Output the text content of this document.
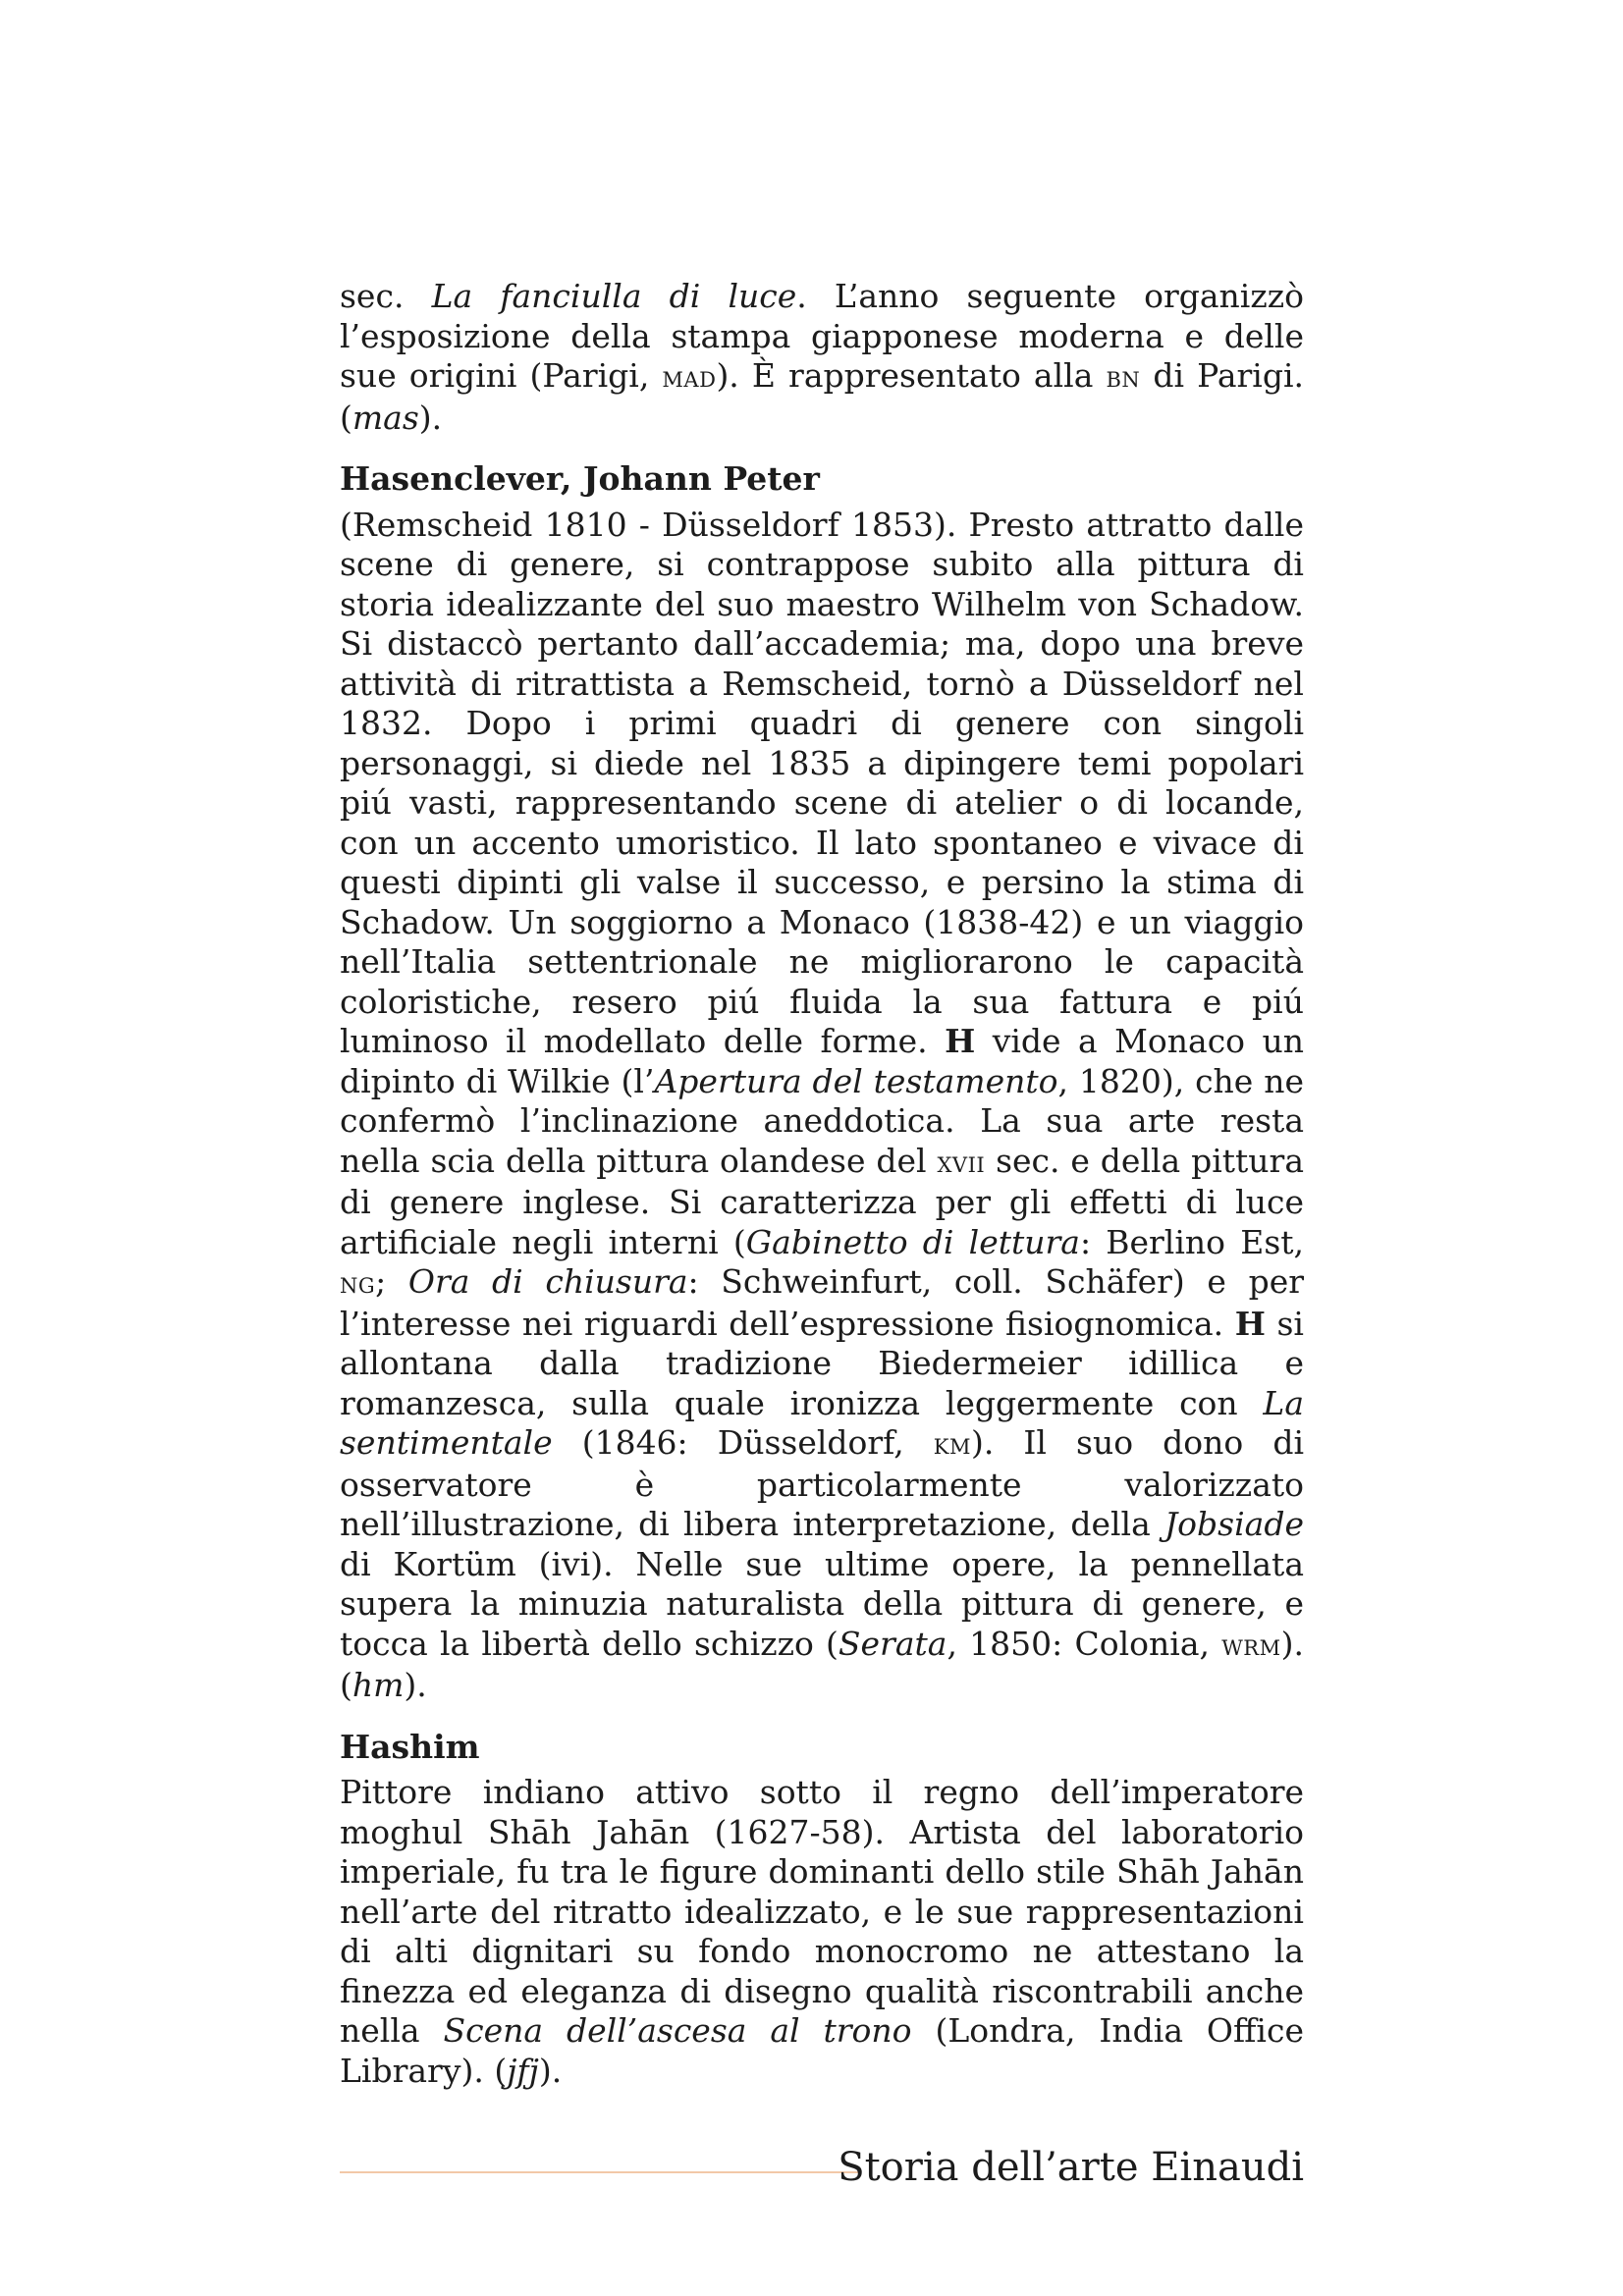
sec. La fanciulla di luce. L’anno seguente organizzò l’esposizione della stampa giapponese moderna e delle sue origini (Parigi, mad). È rappresentato alla bn di Parigi. (mas).

Hasenclever, Johann Peter

(Remscheid 1810 - Düsseldorf 1853). Presto attratto dalle scene di genere, si contrappose subito alla pittura di storia idealizzante del suo maestro Wilhelm von Schadow. Si distaccò pertanto dall’accademia; ma, dopo una breve attività di ritrattista a Remscheid, tornò a Düsseldorf nel 1832. Dopo i primi quadri di genere con singoli personaggi, si diede nel 1835 a dipingere temi popolari piú vasti, rappresentando scene di atelier o di locande, con un accento umoristico. Il lato spontaneo e vivace di questi dipinti gli valse il successo, e persino la stima di Schadow. Un soggiorno a Monaco (1838-42) e un viaggio nell’Italia settentrionale ne migliorarono le capacità coloristiche, resero piú fluida la sua fattura e piú luminoso il modellato delle forme. H vide a Monaco un dipinto di Wilkie (l’Apertura del testamento, 1820), che ne confermò l’inclinazione aneddotica. La sua arte resta nella scia della pittura olandese del xvii sec. e della pittura di genere inglese. Si caratterizza per gli effetti di luce artificiale negli interni (Gabinetto di lettura: Berlino Est, ng; Ora di chiusura: Schweinfurt, coll. Schäfer) e per l’interesse nei riguardi dell’espressione fisiognomica. H si allontana dalla tradizione Biedermeier idillica e romanzesca, sulla quale ironizza leggermente con La sentimentale (1846: Düsseldorf, km). Il suo dono di osservatore è particolarmente valorizzato nell’illustrazione, di libera interpretazione, della Jobsiade di Kortüm (ivi). Nelle sue ultime opere, la pennellata supera la minuzia naturalista della pittura di genere, e tocca la libertà dello schizzo (Serata, 1850: Colonia, wrm). (hm).

Hashim

Pittore indiano attivo sotto il regno dell’imperatore moghul Shāh Jahān (1627-58). Artista del laboratorio imperiale, fu tra le figure dominanti dello stile Shāh Jahān nell’arte del ritratto idealizzato, e le sue rappresentazioni di alti dignitari su fondo monocromo ne attestano la finezza ed eleganza di disegno qualità riscontrabili anche nella Scena dell’ascesa al trono (Londra, India Office Library). (jfj).

Storia dell’arte Einaudi
